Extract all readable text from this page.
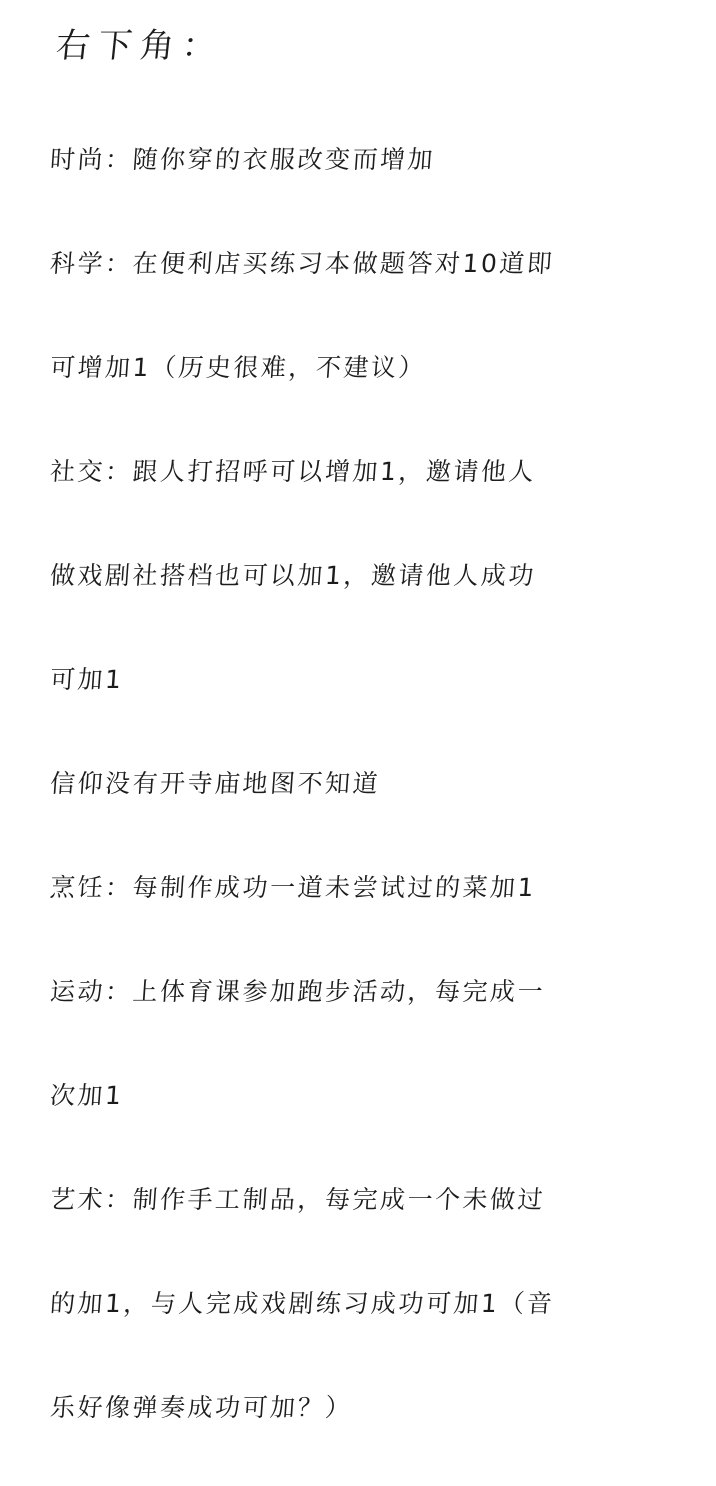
右下角：

时尚：随你穿的衣服改变而增加

科学：在便利店买练习本做题答对10道即

可增加1（历史很难，不建议）

社交：跟人打招呼可以增加1，邀请他人

做戏剧社搭档也可以加1，邀请他人成功

可加1

信仰没有开寺庙地图不知道

烹饪：每制作成功一道未尝试过的菜加1

运动：上体育课参加跑步活动，每完成一

次加1

艺术：制作手工制品，每完成一个未做过

的加1，与人完成戏剧练习成功可加1（音

乐好像弹奏成功可加？）
